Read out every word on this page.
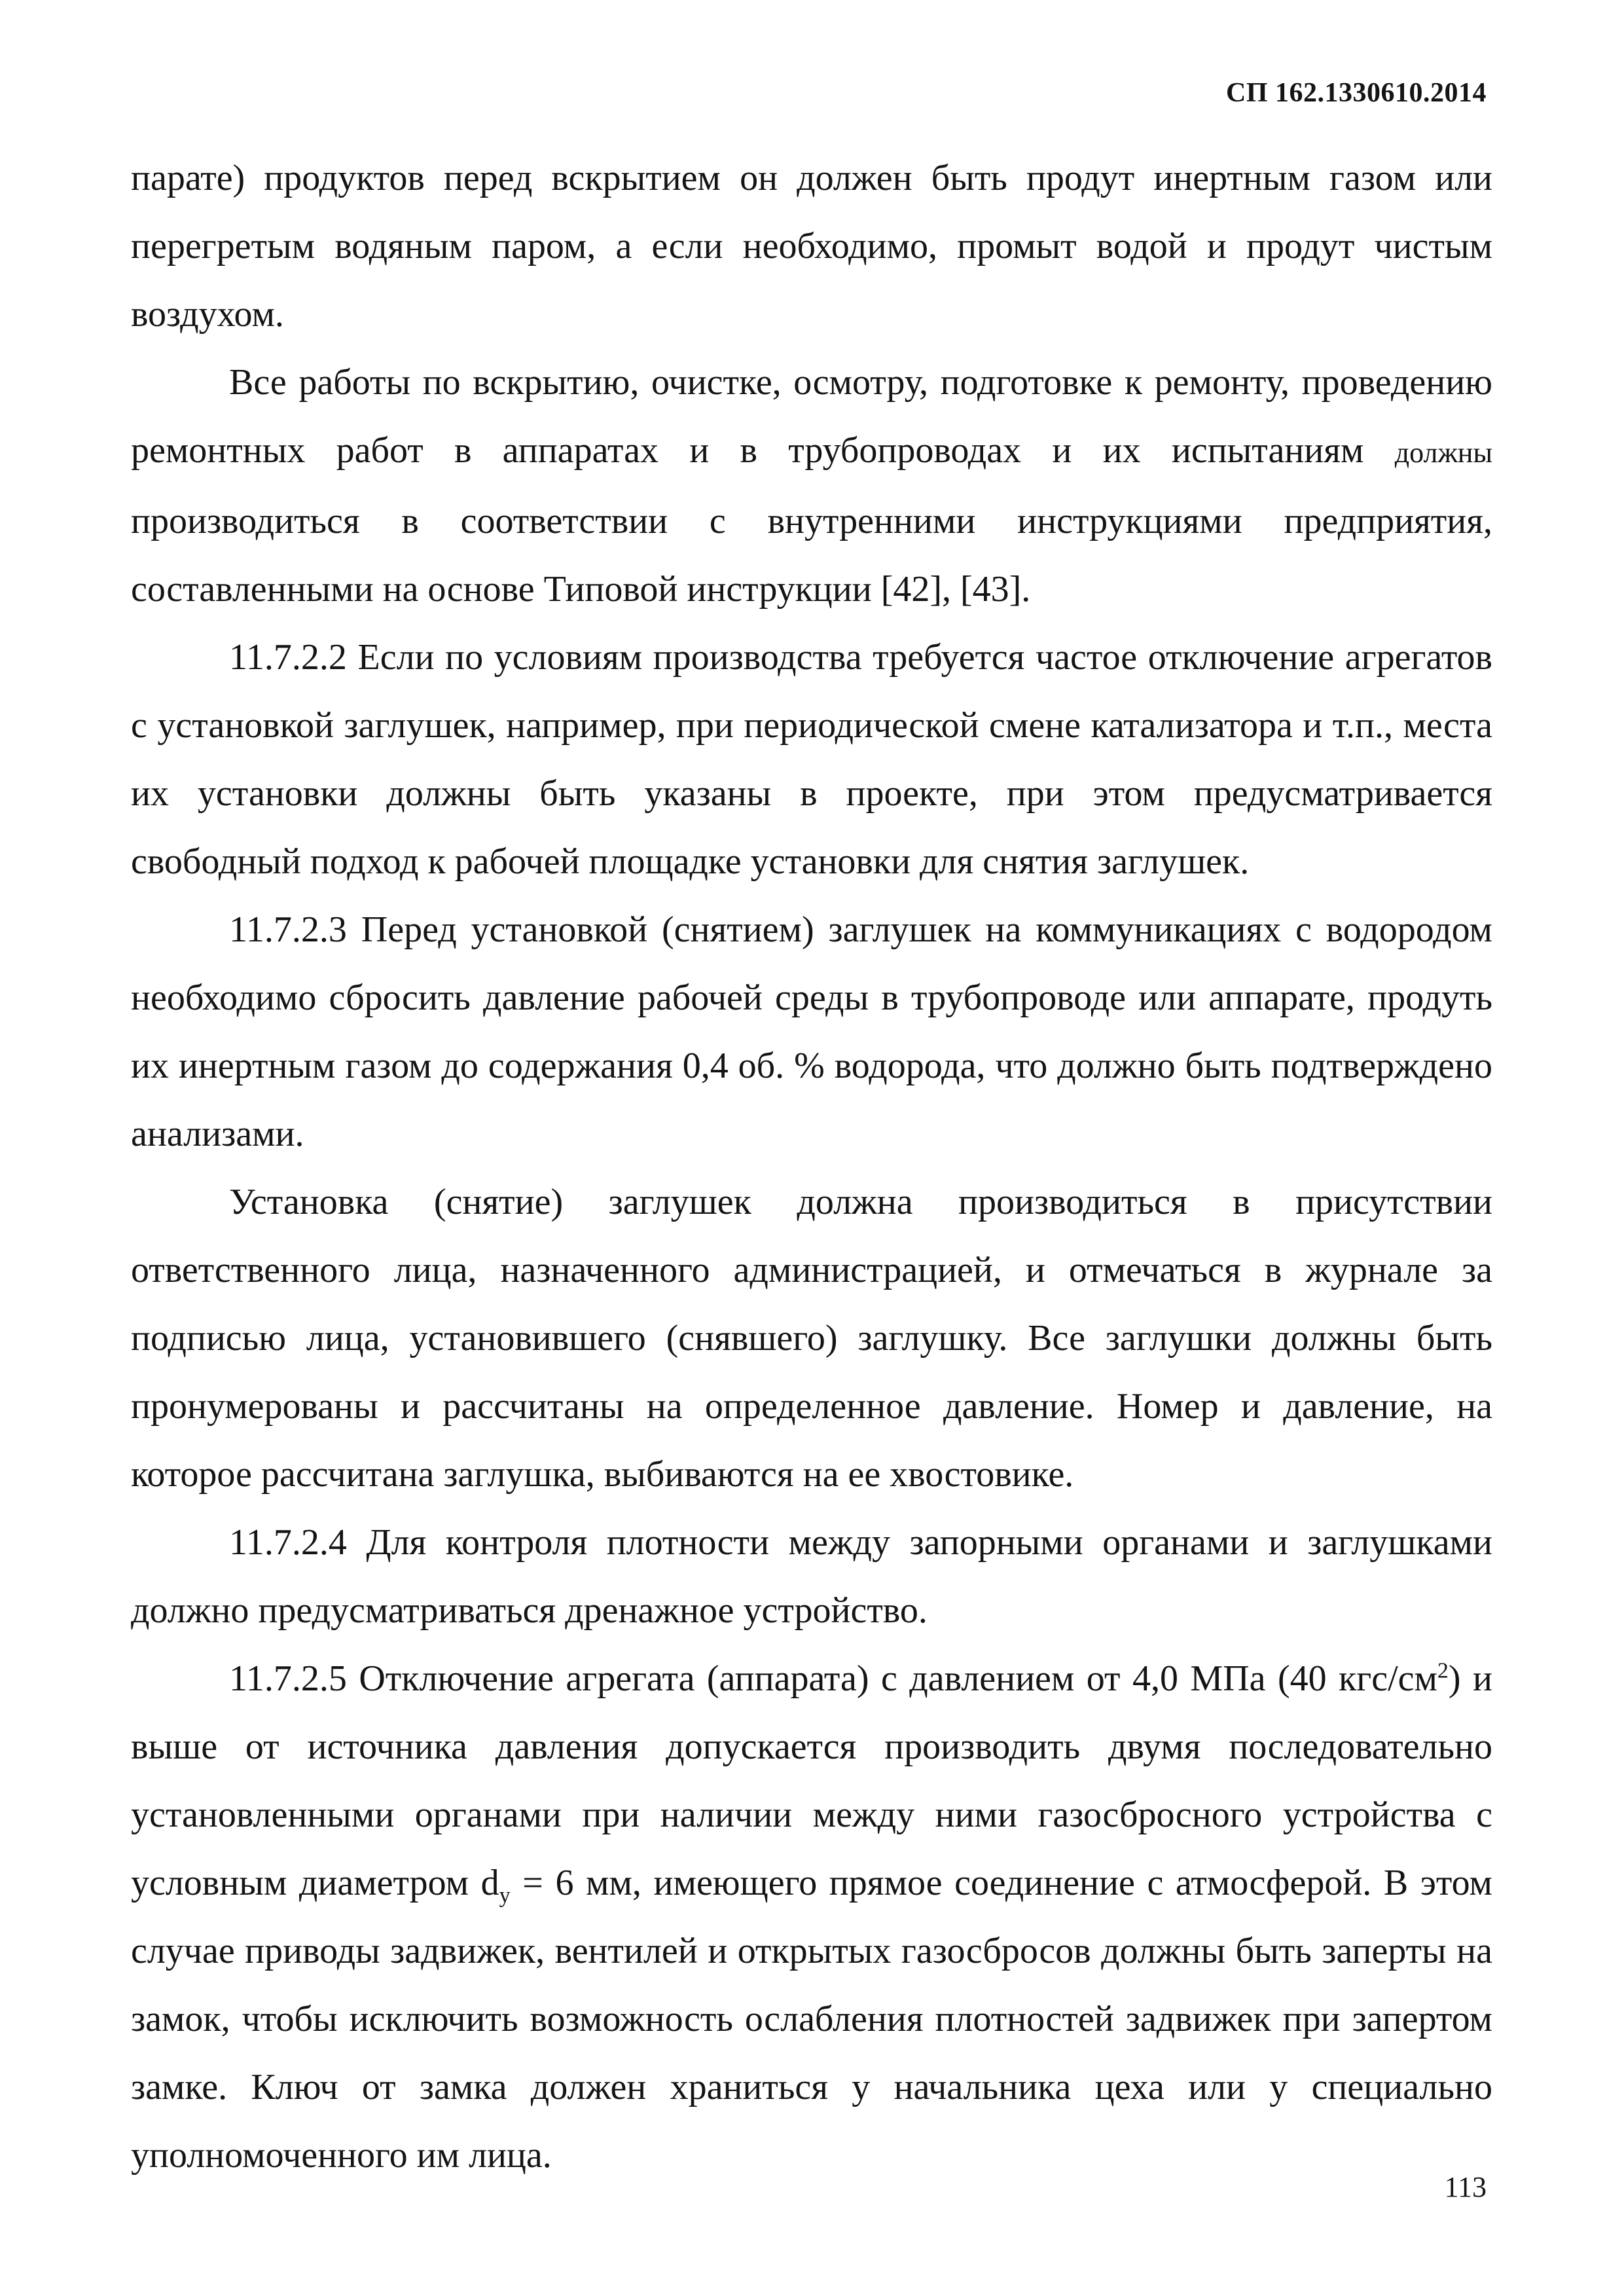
СП 162.1330610.2014

парате) продуктов перед вскрытием он должен быть продут инертным газом или перегретым водяным паром, а если необходимо, промыт водой и продут чистым воздухом.

Все работы по вскрытию, очистке, осмотру, подготовке к ремонту, проведению ремонтных работ в аппаратах и в трубопроводах и их испытаниям должны производиться в соответствии с внутренними инструкциями предприятия, составленными на основе Типовой инструкции [42], [43].

11.7.2.2 Если по условиям производства требуется частое отключение агрегатов с установкой заглушек, например, при периодической смене катализатора и т.п., места их установки должны быть указаны в проекте, при этом предусматривается свободный подход к рабочей площадке установки для снятия заглушек.

11.7.2.3 Перед установкой (снятием) заглушек на коммуникациях с водородом необходимо сбросить давление рабочей среды в трубопроводе или аппарате, продуть их инертным газом до содержания 0,4 об. % водорода, что должно быть подтверждено анализами.

Установка (снятие) заглушек должна производиться в присутствии ответственного лица, назначенного администрацией, и отмечаться в журнале за подписью лица, установившего (снявшего) заглушку. Все заглушки должны быть пронумерованы и рассчитаны на определенное давление. Номер и давление, на которое рассчитана заглушка, выбиваются на ее хвостовике.

11.7.2.4 Для контроля плотности между запорными органами и заглушками должно предусматриваться дренажное устройство.

11.7.2.5 Отключение агрегата (аппарата) с давлением от 4,0 МПа (40 кгс/$см^2$) и выше от источника давления допускается производить двумя последовательно установленными органами при наличии между ними газосбросного устройства с условным диаметром $d_у = 6$ мм, имеющего прямое соединение с атмосферой. В этом случае приводы задвижек, вентилей и открытых газосбросов должны быть заперты на замок, чтобы исключить возможность ослабления плотностей задвижек при запертом замке. Ключ от замка должен храниться у начальника цеха или у специально уполномоченного им лица.

113
